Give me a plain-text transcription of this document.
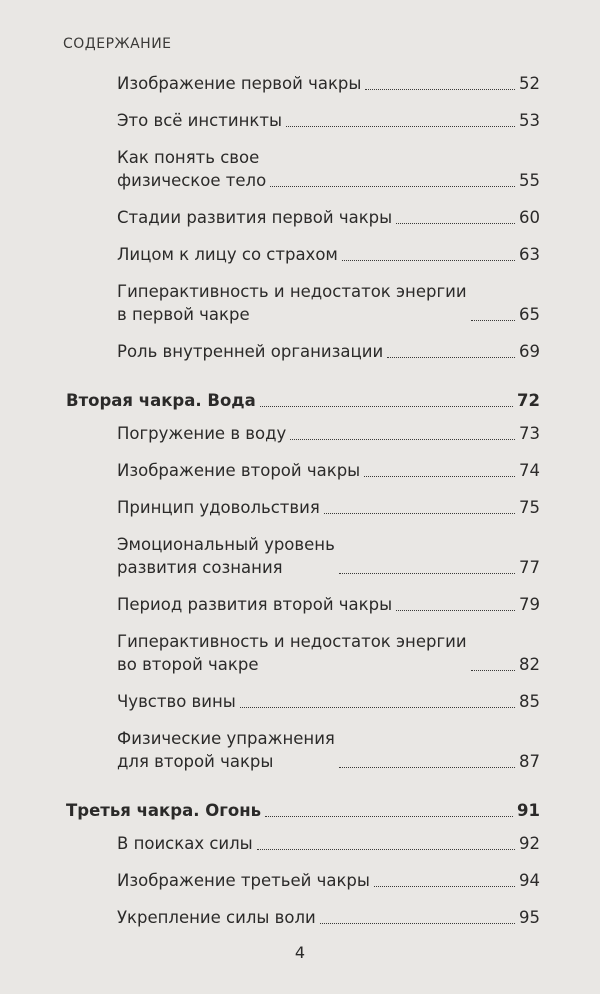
СОДЕРЖАНИЕ
Изображение первой чакры	52
Это всё инстинкты	53
Как понять свое
физическое тело	55
Стадии развития первой чакры	60
Лицом к лицу со страхом	63
Гиперактивность и недостаток энергии
в первой чакре	65
Роль внутренней организации	69
Вторая чакра. Вода	72
Погружение в воду	73
Изображение второй чакры	74
Принцип удовольствия	75
Эмоциональный уровень
развития сознания	77
Период развития второй чакры	79
Гиперактивность и недостаток энергии
во второй чакре	82
Чувство вины	85
Физические упражнения
для второй чакры	87
Третья чакра. Огонь	91
В поисках силы	92
Изображение третьей чакры	94
Укрепление силы воли	95
4
